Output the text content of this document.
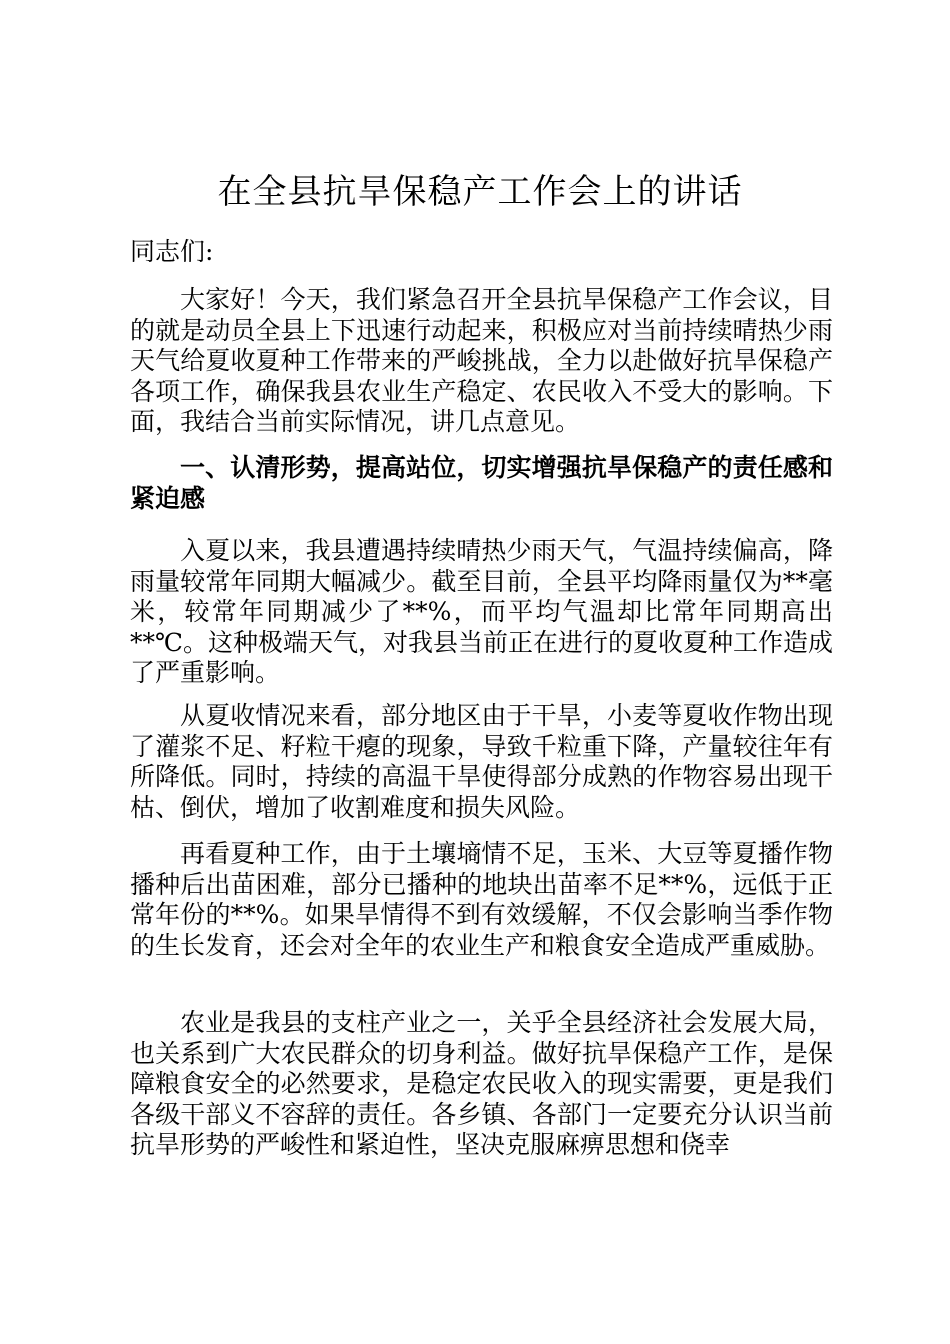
在全县抗旱保稳产工作会上的讲话
同志们:

大家好！今天，我们紧急召开全县抗旱保稳产工作会议，目的就是动员全县上下迅速行动起来，积极应对当前持续晴热少雨天气给夏收夏种工作带来的严峻挑战，全力以赴做好抗旱保稳产各项工作，确保我县农业生产稳定、农民收入不受大的影响。下面，我结合当前实际情况，讲几点意见。

一、认清形势，提高站位，切实增强抗旱保稳产的责任感和紧迫感

入夏以来，我县遭遇持续晴热少雨天气，气温持续偏高，降雨量较常年同期大幅减少。截至目前，全县平均降雨量仅为**毫米，较常年同期减少了**%，而平均气温却比常年同期高出**℃。这种极端天气，对我县当前正在进行的夏收夏种工作造成了严重影响。

从夏收情况来看，部分地区由于干旱，小麦等夏收作物出现了灌浆不足、籽粒干瘪的现象，导致千粒重下降，产量较往年有所降低。同时，持续的高温干旱使得部分成熟的作物容易出现干枯、倒伏，增加了收割难度和损失风险。

再看夏种工作，由于土壤墒情不足，玉米、大豆等夏播作物播种后出苗困难，部分已播种的地块出苗率不足**%，远低于正常年份的**%。如果旱情得不到有效缓解，不仅会影响当季作物的生长发育，还会对全年的农业生产和粮食安全造成严重威胁。

农业是我县的支柱产业之一，关乎全县经济社会发展大局，也关系到广大农民群众的切身利益。做好抗旱保稳产工作，是保障粮食安全的必然要求，是稳定农民收入的现实需要，更是我们各级干部义不容辞的责任。各乡镇、各部门一定要充分认识当前抗旱形势的严峻性和紧迫性，坚决克服麻痹思想和侥幸
